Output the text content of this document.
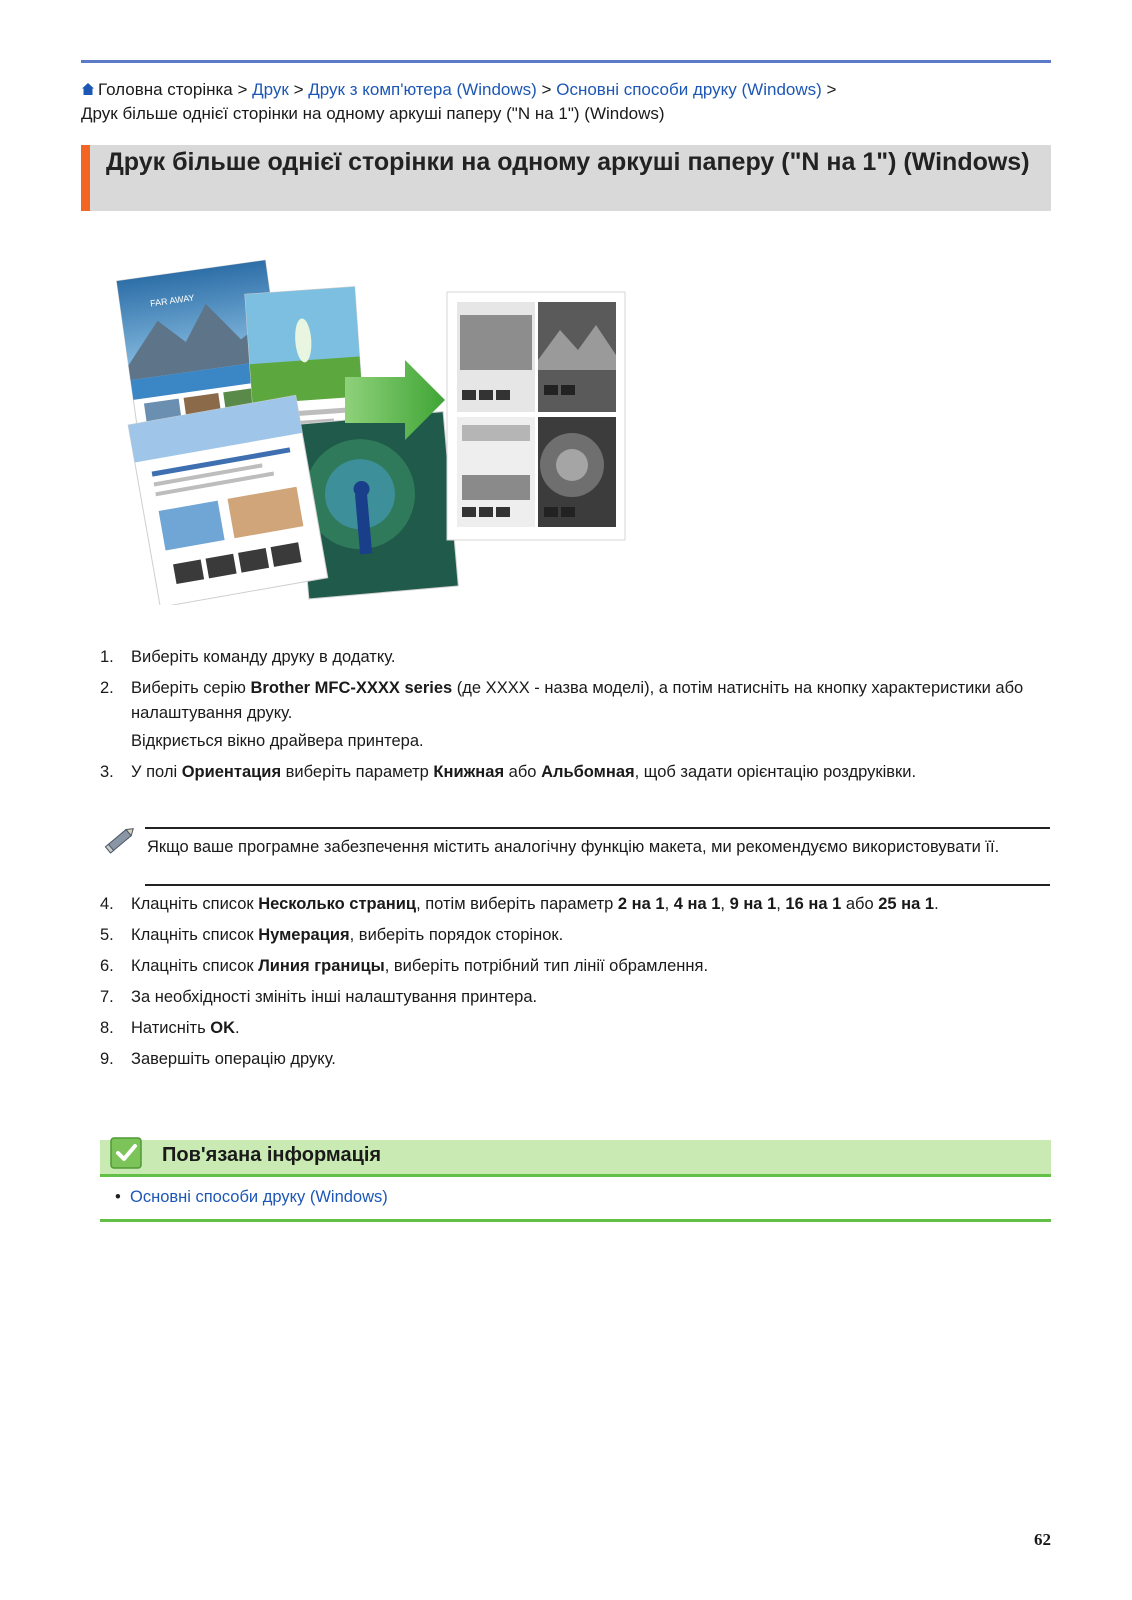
Головна сторінка > Друк > Друк з комп'ютера (Windows) > Основні способи друку (Windows) >
Друк більше однієї сторінки на одному аркуші паперу ("N на 1") (Windows)
Друк більше однієї сторінки на одному аркуші паперу ("N на 1") (Windows)
FAR AWAY
1. Виберіть команду друку в додатку.
2. Виберіть серію Brother MFC-XXXX series (де XXXX - назва моделі), а потім натисніть на кнопку характеристики або налаштування друку.
Відкриється вікно драйвера принтера.
3. У полі Ориентация виберіть параметр Книжная або Альбомная, щоб задати орієнтацію роздруківки.
Якщо ваше програмне забезпечення містить аналогічну функцію макета, ми рекомендуємо використовувати її.
4. Клацніть список Несколько страниц, потім виберіть параметр 2 на 1, 4 на 1, 9 на 1, 16 на 1 або 25 на 1.
5. Клацніть список Нумерация, виберіть порядок сторінок.
6. Клацніть список Линия границы, виберіть потрібний тип лінії обрамлення.
7. За необхідності змініть інші налаштування принтера.
8. Натисніть OK.
9. Завершіть операцію друку.
Пов'язана інформація
• Основні способи друку (Windows)
62
